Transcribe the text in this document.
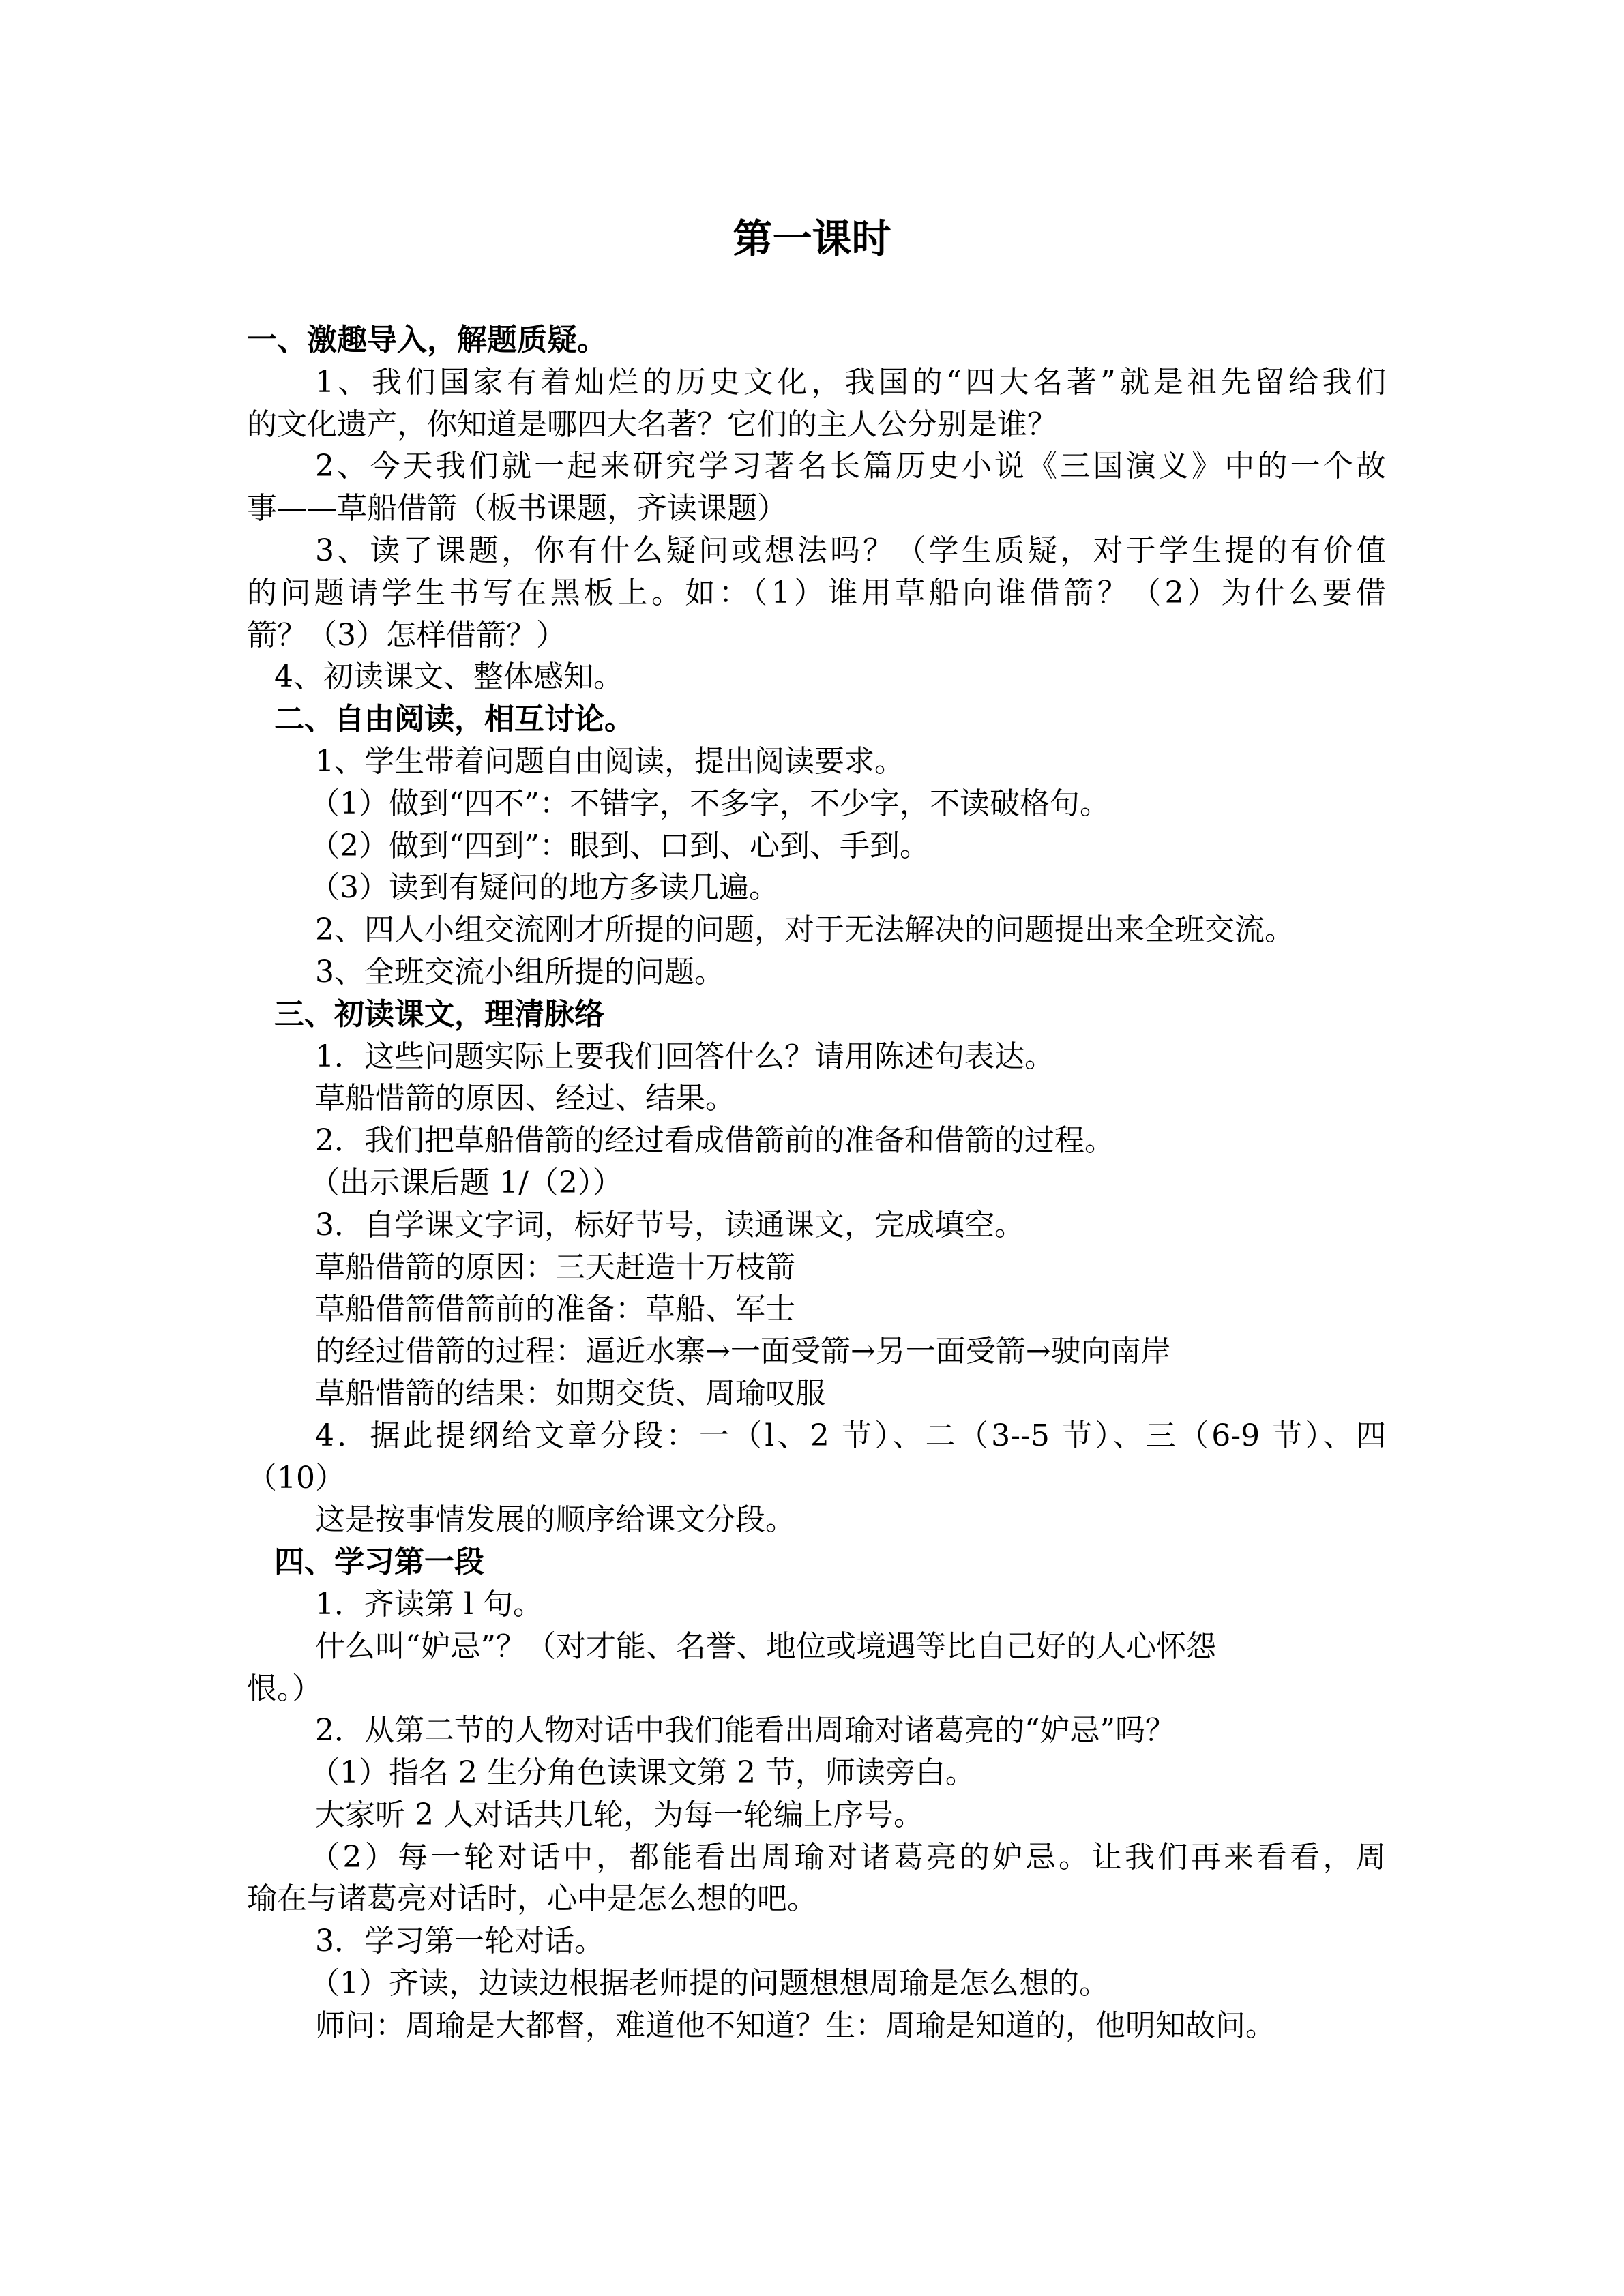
第一课时
一、激趣导入，解题质疑。
1、我们国家有着灿烂的历史文化，我国的“四大名著”就是祖先留给我们
的文化遗产，你知道是哪四大名著？它们的主人公分别是谁？
2、今天我们就一起来研究学习著名长篇历史小说《三国演义》中的一个故
事——草船借箭（板书课题，齐读课题）
3、读了课题，你有什么疑问或想法吗？（学生质疑，对于学生提的有价值
的问题请学生书写在黑板上。如：（1）谁用草船向谁借箭？（2）为什么要借
箭？（3）怎样借箭？）
4、初读课文、整体感知。
二、自由阅读，相互讨论。
1、学生带着问题自由阅读，提出阅读要求。
（1）做到“四不”：不错字，不多字，不少字，不读破格句。
（2）做到“四到”：眼到、口到、心到、手到。
（3）读到有疑问的地方多读几遍。
2、四人小组交流刚才所提的问题，对于无法解决的问题提出来全班交流。
3、全班交流小组所提的问题。
三、初读课文，理清脉络
1．这些问题实际上要我们回答什么？请用陈述句表达。
草船惜箭的原因、经过、结果。
2．我们把草船借箭的经过看成借箭前的准备和借箭的过程。
（出示课后题 1/（2））
3．自学课文字词，标好节号，读通课文，完成填空。
草船借箭的原因：三天赶造十万枝箭
草船借箭借箭前的准备：草船、军士
的经过借箭的过程：逼近水寨→一面受箭→另一面受箭→驶向南岸
草船惜箭的结果：如期交货、周瑜叹服
4．据此提纲给文章分段：一（l、2 节）、二（3--5 节）、三（6-9 节）、四
（10）
这是按事情发展的顺序给课文分段。
四、学习第一段
1．齐读第 l 句。
什么叫“妒忌”？（对才能、名誉、地位或境遇等比自己好的人心怀怨
恨。）
2．从第二节的人物对话中我们能看出周瑜对诸葛亮的“妒忌”吗？
（1）指名 2 生分角色读课文第 2 节，师读旁白。
大家听 2 人对话共几轮，为每一轮编上序号。
（2）每一轮对话中，都能看出周瑜对诸葛亮的妒忌。让我们再来看看，周
瑜在与诸葛亮对话时，心中是怎么想的吧。
3．学习第一轮对话。
（1）齐读，边读边根据老师提的问题想想周瑜是怎么想的。
师问：周瑜是大都督，难道他不知道？生：周瑜是知道的，他明知故问。
